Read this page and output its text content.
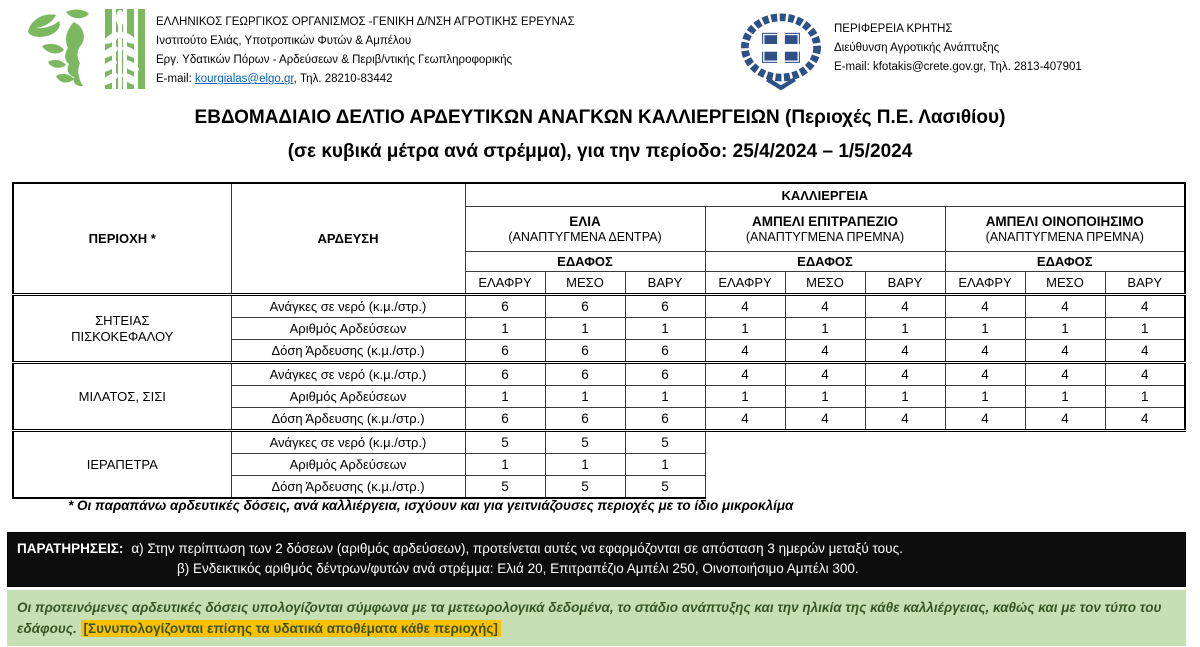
ΕΛΛΗΝΙΚΟΣ ΓΕΩΡΓΙΚΟΣ ΟΡΓΑΝΙΣΜΟΣ -ΓΕΝΙΚΗ Δ/ΝΣΗ ΑΓΡΟΤΙΚΗΣ ΕΡΕΥΝΑΣ
Ινστιτούτο Ελιάς, Υποτροπικών Φυτών & Αμπέλου
Εργ. Υδατικών Πόρων - Αρδεύσεων & Περιβ/ντικής Γεωπληροφορικής
E-mail: kourgialas@elgo.gr, Τηλ. 28210-83442
ΠΕΡΙΦΕΡΕΙΑ ΚΡΗΤΗΣ
Διεύθυνση Αγροτικής Ανάπτυξης
E-mail: kfotakis@crete.gov.gr, Τηλ. 2813-407901
ΕΒΔΟΜΑΔΙΑΙΟ ΔΕΛΤΙΟ ΑΡΔΕΥΤΙΚΩΝ ΑΝΑΓΚΩΝ ΚΑΛΛΙΕΡΓΕΙΩΝ (Περιοχές Π.Ε. Λασιθίου)
(σε κυβικά μέτρα ανά στρέμμα), για την περίοδο: 25/4/2024 – 1/5/2024
ΠΕΡΙΟΧΗ *	ΑΡΔΕΥΣΗ	ΚΑΛΛΙΕΡΓΕΙΑ								

ΕΛΙΑ
(ΑΝΑΠΤΥΓΜΕΝΑ ΔΕΝΤΡΑ)

ΑΜΠΕΛΙ ΕΠΙΤΡΑΠΕΖΙΟ
(ΑΝΑΠΤΥΓΜΕΝΑ ΠΡΕΜΝΑ)

ΑΜΠΕΛΙ ΟΙΝΟΠΟΙΗΣΙΜΟ
(ΑΝΑΠΤΥΓΜΕΝΑ ΠΡΕΜΝΑ)

		ΕΔΑΦΟΣ			ΕΔΑΦΟΣ			ΕΔΑΦΟΣ		
		ΕΛΑΦΡΥ	ΜΕΣΟ	ΒΑΡΥ	ΕΛΑΦΡΥ	ΜΕΣΟ	ΒΑΡΥ	ΕΛΑΦΡΥ	ΜΕΣΟ	ΒΑΡΥ

ΣΗΤΕΙΑΣ
ΠΙΣΚΟΚΕΦΑΛΟΥ	Ανάγκες σε νερό (κ.μ./στρ.)	6	6	6	4	4	4	4	4	4
	Αριθμός Αρδεύσεων	1	1	1	1	1	1	1	1	1
	Δόση Άρδευσης (κ.μ./στρ.)	6	6	6	4	4	4	4	4	4

ΜΙΛΑΤΟΣ, ΣΙΣΙ	Ανάγκες σε νερό (κ.μ./στρ.)	6	6	6	4	4	4	4	4	4
	Αριθμός Αρδεύσεων	1	1	1	1	1	1	1	1	1
	Δόση Άρδευσης (κ.μ./στρ.)	6	6	6	4	4	4	4	4	4

ΙΕΡΑΠΕΤΡΑ	Ανάγκες σε νερό (κ.μ./στρ.)	5	5	5						
	Αριθμός Αρδεύσεων	1	1	1						
	Δόση Άρδευσης (κ.μ./στρ.)	5	5	5						
* Οι παραπάνω αρδευτικές δόσεις, ανά καλλιέργεια, ισχύουν και για γειτνιάζουσες περιοχές με το ίδιο μικροκλίμα
ΠΑΡΑΤΗΡΗΣΕΙΣ: α) Στην περίπτωση των 2 δόσεων (αριθμός αρδεύσεων), προτείνεται αυτές να εφαρμόζονται σε απόσταση 3 ημερών μεταξύ τους.
β) Ενδεικτικός αριθμός δέντρων/φυτών ανά στρέμμα: Ελιά 20, Επιτραπέζιο Αμπέλι 250, Οινοποιήσιμο Αμπέλι 300.
Οι προτεινόμενες αρδευτικές δόσεις υπολογίζονται σύμφωνα με τα μετεωρολογικά δεδομένα, το στάδιο ανάπτυξης και την ηλικία της κάθε καλλιέργειας, καθώς και με τον τύπο του εδάφους. [Συνυπολογίζονται επίσης τα υδατικά αποθέματα κάθε περιοχής]
